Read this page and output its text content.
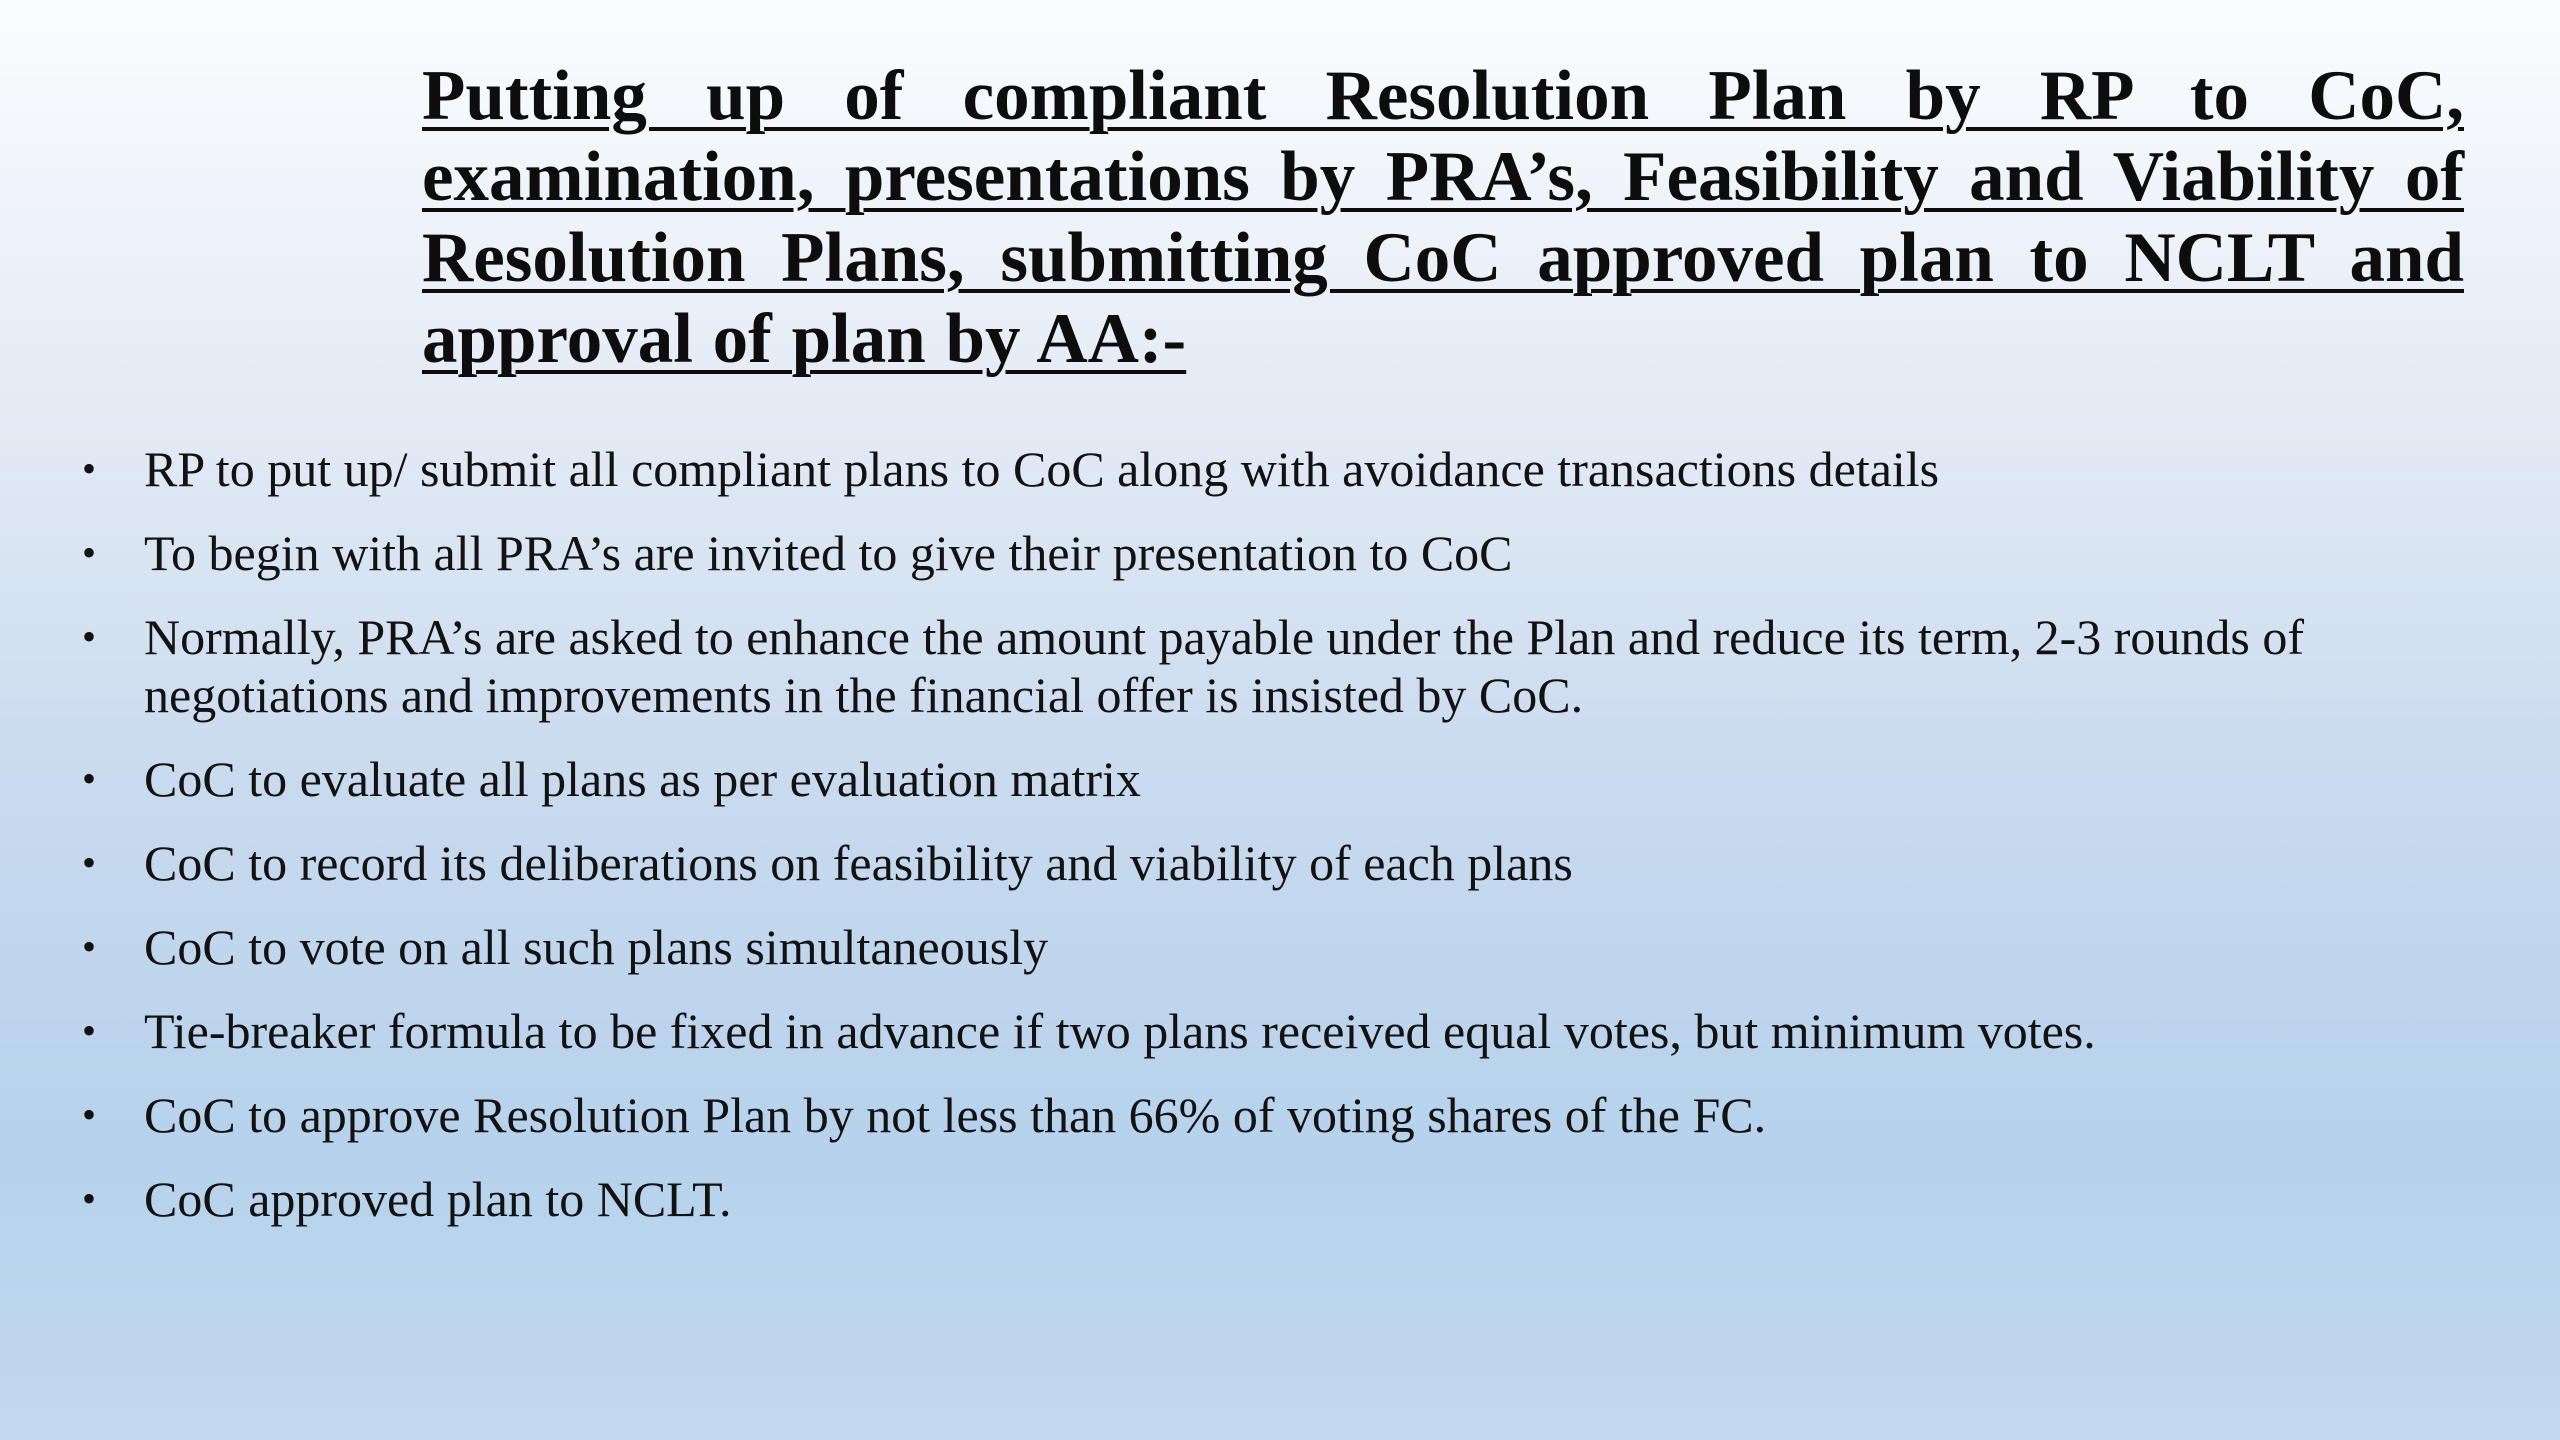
Putting up of compliant Resolution Plan by RP to CoC, examination, presentations by PRA’s, Feasibility and Viability of Resolution Plans, submitting CoC approved plan to NCLT and approval of plan by AA:-
• RP to put up/ submit all compliant plans to CoC along with avoidance transactions details
• To begin with all PRA’s are invited to give their presentation to CoC
• Normally, PRA’s are asked to enhance the amount payable under the Plan and reduce its term, 2-3 rounds of negotiations and improvements in the financial offer is insisted by CoC.
• CoC to evaluate all plans as per evaluation matrix
• CoC to record its deliberations on feasibility and viability of each plans
• CoC to vote on all such plans simultaneously
• Tie-breaker formula to be fixed in advance if two plans received equal votes, but minimum votes.
• CoC to approve Resolution Plan by not less than 66% of voting shares of the FC.
• CoC approved plan to NCLT.
